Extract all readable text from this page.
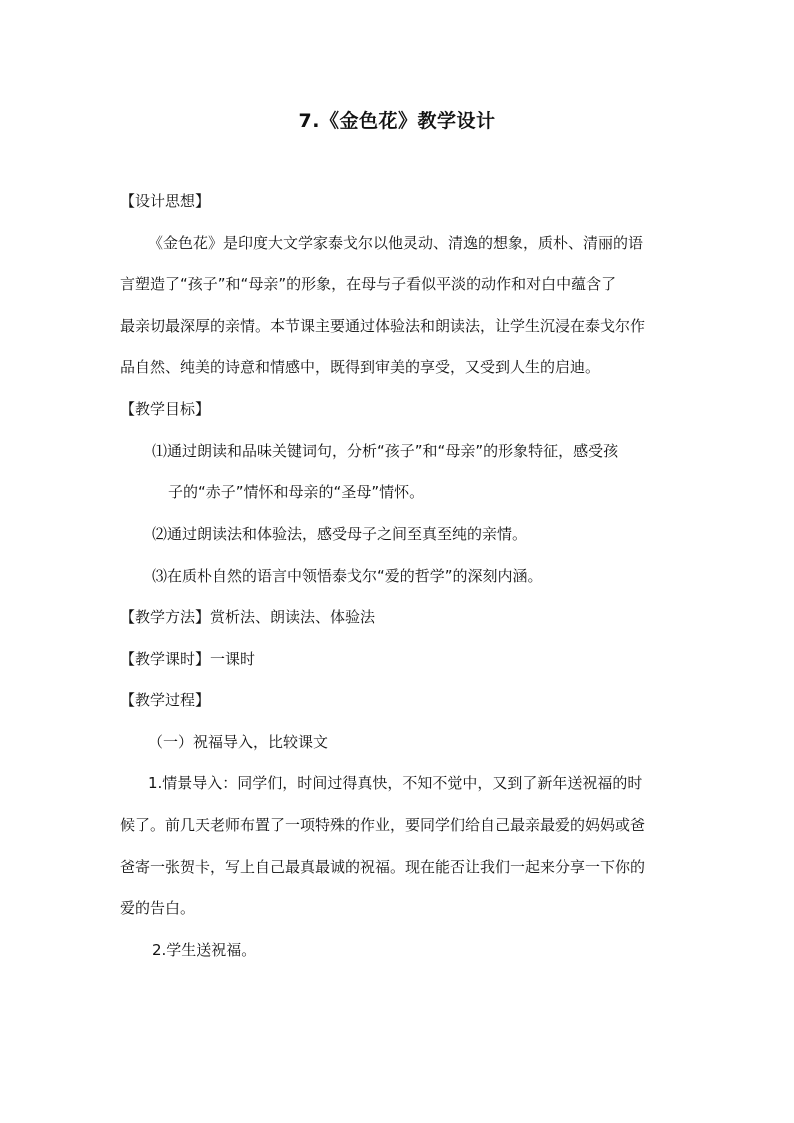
7.《金色花》教学设计
【设计思想】
《金色花》是印度大文学家泰戈尔以他灵动、清逸的想象，质朴、清丽的语
言塑造了“孩子”和“母亲”的形象，在母与子看似平淡的动作和对白中蕴含了
最亲切最深厚的亲情。本节课主要通过体验法和朗读法，让学生沉浸在泰戈尔作
品自然、纯美的诗意和情感中，既得到审美的享受，又受到人生的启迪。
【教学目标】
⑴通过朗读和品味关键词句，分析“孩子”和“母亲”的形象特征，感受孩
子的“赤子”情怀和母亲的“圣母”情怀。
⑵通过朗读法和体验法，感受母子之间至真至纯的亲情。
⑶在质朴自然的语言中领悟泰戈尔“爱的哲学”的深刻内涵。
【教学方法】赏析法、朗读法、体验法
【教学课时】一课时
【教学过程】
（一）祝福导入，比较课文
1.情景导入：同学们，时间过得真快，不知不觉中，又到了新年送祝福的时
候了。前几天老师布置了一项特殊的作业，要同学们给自己最亲最爱的妈妈或爸
爸寄一张贺卡，写上自己最真最诚的祝福。现在能否让我们一起来分享一下你的
爱的告白。
2.学生送祝福。
